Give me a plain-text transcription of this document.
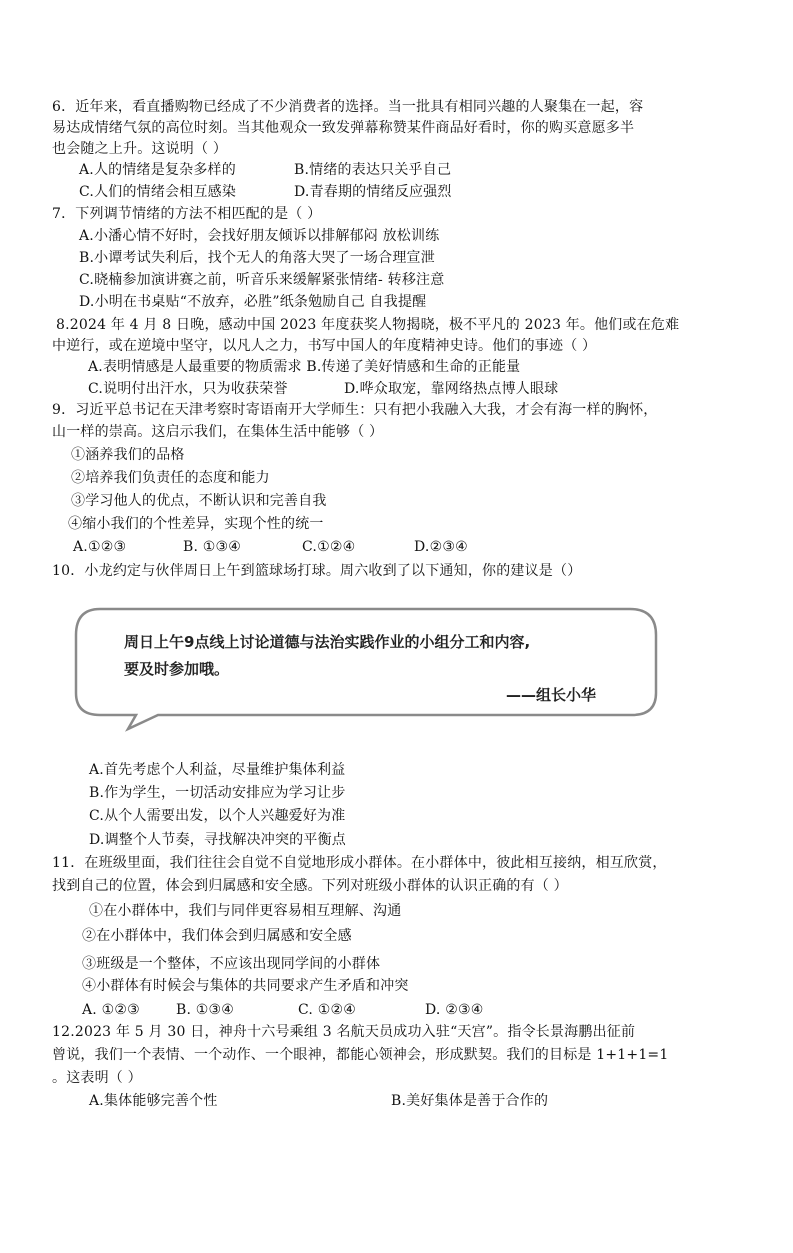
6．近年来，看直播购物已经成了不少消费者的选择。当一批具有相同兴趣的人聚集在一起，容
易达成情绪气氛的高位时刻。当其他观众一致发弹幕称赞某件商品好看时，你的购买意愿多半
也会随之上升。这说明（ ）
A.人的情绪是复杂多样的	B.情绪的表达只关乎自己
C.人们的情绪会相互感染	D.青春期的情绪反应强烈
7．下列调节情绪的方法不相匹配的是（ ）
A.小潘心情不好时，会找好朋友倾诉以排解郁闷 放松训练
B.小谭考试失利后，找个无人的角落大哭了一场合理宣泄
C.晓楠参加演讲赛之前，听音乐来缓解紧张情绪- 转移注意
D.小明在书桌贴“不放弃，必胜”纸条勉励自己 自我提醒
8.2024 年 4 月 8 日晚，感动中国 2023 年度获奖人物揭晓，极不平凡的 2023 年。他们或在危难
中逆行，或在逆境中坚守，以凡人之力，书写中国人的年度精神史诗。他们的事迹（ ）
A.表明情感是人最重要的物质需求 B.传递了美好情感和生命的正能量
C.说明付出汗水，只为收获荣誉	D.哗众取宠，靠网络热点博人眼球
9．习近平总书记在天津考察时寄语南开大学师生：只有把小我融入大我，才会有海一样的胸怀，
山一样的崇高。这启示我们，在集体生活中能够（ ）
①涵养我们的品格
②培养我们负责任的态度和能力
③学习他人的优点，不断认识和完善自我
④缩小我们的个性差异，实现个性的统一
A.①②③	B. ①③④	C.①②④	D.②③④
10．小龙约定与伙伴周日上午到篮球场打球。周六收到了以下通知，你的建议是（）
周日上午9点线上讨论道德与法治实践作业的小组分工和内容,
要及时参加哦。
——组长小华
A.首先考虑个人利益，尽量维护集体利益
B.作为学生，一切活动安排应为学习让步
C.从个人需要出发，以个人兴趣爱好为准
D.调整个人节奏，寻找解决冲突的平衡点
11．在班级里面，我们往往会自觉不自觉地形成小群体。在小群体中，彼此相互接纳，相互欣赏，
找到自己的位置，体会到归属感和安全感。下列对班级小群体的认识正确的有（ ）
①在小群体中，我们与同伴更容易相互理解、沟通
②在小群体中，我们体会到归属感和安全感
③班级是一个整体，不应该出现同学间的小群体
④小群体有时候会与集体的共同要求产生矛盾和冲突
A. ①②③	B. ①③④	C. ①②④	D. ②③④
12.2023 年 5 月 30 日，神舟十六号乘组 3 名航天员成功入驻“天宫”。指令长景海鹏出征前
曾说，我们一个表情、一个动作、一个眼神，都能心领神会，形成默契。我们的目标是 1+1+1=1
。这表明（ ）
A.集体能够完善个性	B.美好集体是善于合作的
